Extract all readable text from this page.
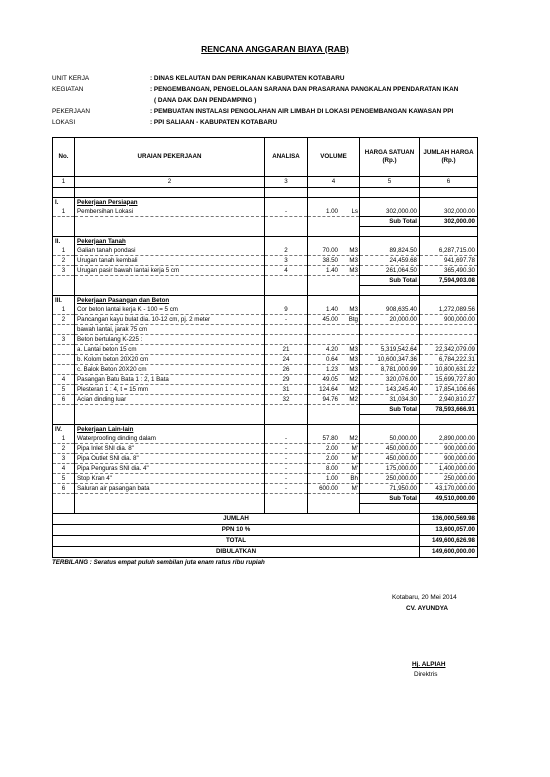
RENCANA ANGGARAN BIAYA (RAB)
UNIT KERJA	: DINAS KELAUTAN DAN PERIKANAN KABUPATEN KOTABARU
KEGIATAN	: PENGEMBANGAN, PENGELOLAAN SARANA DAN PRASARANA PANGKALAN PPENDARATAN IKAN
( DANA DAK DAN PENDAMPING )
PEKERJAAN	: PEMBUATAN INSTALASI PENGOLAHAN AIR LIMBAH DI LOKASI PENGEMBANGAN KAWASAN PPI
LOKASI	: PPI SALIAAN - KABUPATEN KOTABARU
No.	URAIAN PEKERJAAN	ANALISA	VOLUME	HARGA SATUAN (Rp.)	JUMLAH HARGA (Rp.)
1	2	3	4	5	6

I.	Pekerjaan Persiapan				
1	Pembersihan Lokasi	-	1.00 Ls	302,000.00	302,000.00
				Sub Total	302,000.00

II.	Pekerjaan Tanah				
1	Galian tanah pondasi	2	70.00 M3	89,824.50	6,287,715.00
2	Urugan tanah kembali	3	38.50 M3	24,459.68	941,697.78
3	Urugan pasir bawah lantai kerja 5 cm	4	1.40 M3	261,064.50	365,490.30
				Sub Total	7,594,903.08

III.	Pekerjaan Pasangan dan Beton				
1	Cor beton lantai kerja K - 100 = 5 cm	9	1.40 M3	908,635.40	1,272,089.56
2	Pancangan kayu bulat dia. 10-12 cm, pj. 2 meter	-	45.00 Btg	20,000.00	900,000.00
	bawah lantai, jarak 75 cm				
3	Beton bertulang K-225 :				
	a. Lantai beton 15 cm	21	4.20 M3	5,319,542.64	22,342,079.09
	b. Kolom beton 20X20 cm	24	0.64 M3	10,600,347.36	6,784,222.31
	c. Balok Beton 20X20 cm	26	1.23 M3	8,781,000.99	10,800,631.22
4	Pasangan Batu Bata 1 : 2, 1 Bata	29	49.05 M2	320,076.00	15,699,727.80
5	Plesteran 1 : 4, t = 15 mm	31	124.64 M2	143,245.40	17,854,106.66
6	Acian dinding luar	32	94.76 M2	31,034.30	2,940,810.27
				Sub Total	78,593,666.91

IV.	Pekerjaan Lain-lain				
1	Waterproofing dinding dalam	-	57.80 M2	50,000.00	2,890,000.00
2	Pipa Inlet SNI dia. 8"	-	2.00 M'	450,000.00	900,000.00
3	Pipa Outlet SNI dia. 8"	-	2.00 M'	450,000.00	900,000.00
4	Pipa Penguras SNI dia. 4"	-	8.00 M'	175,000.00	1,400,000.00
5	Stop Kran 4"	-	1.00 Bh	250,000.00	250,000.00
6	Saluran air pasangan bata	-	600.00 M'	71,950.00	43,170,000.00
				Sub Total	49,510,000.00

JUMLAH					136,000,569.98
PPN 10 %					13,600,057.00
TOTAL					149,600,626.98
DIBULATKAN					149,600,000.00
TERBILANG : Seratus empat puluh sembilan juta enam ratus ribu rupiah
Kotabaru, 20 Mei 2014
CV. AYUNDYA
Hj. ALPIAH
Direktris
